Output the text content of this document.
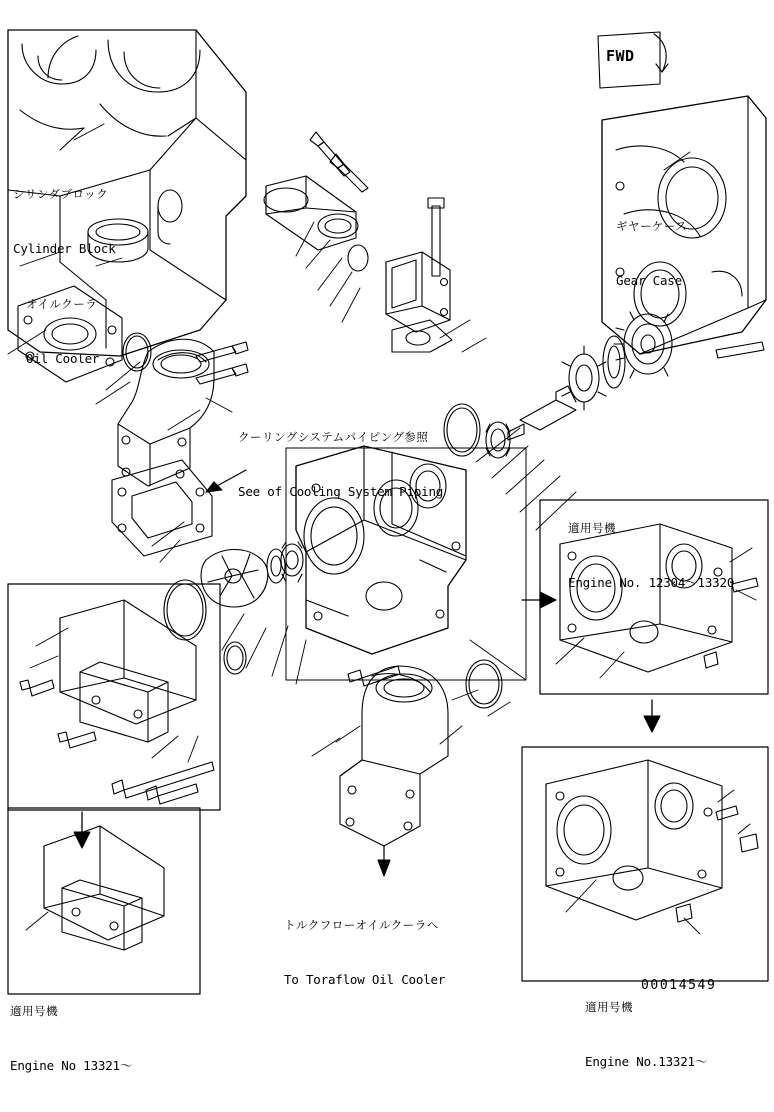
シリンダブロック

Cylinder Block

オイルクーラ

Oil Cooler

ギヤーケース

Gear Case

クーリングシステムパイピング参照

See of Cooling System Piping

適用号機

Engine No. 12304〜13320

適用号機

Engine No.13321〜

適用号機

Engine No 13321〜

トルクフローオイルクーラヘ

To Toraflow Oil Cooler

FWD
00014549
